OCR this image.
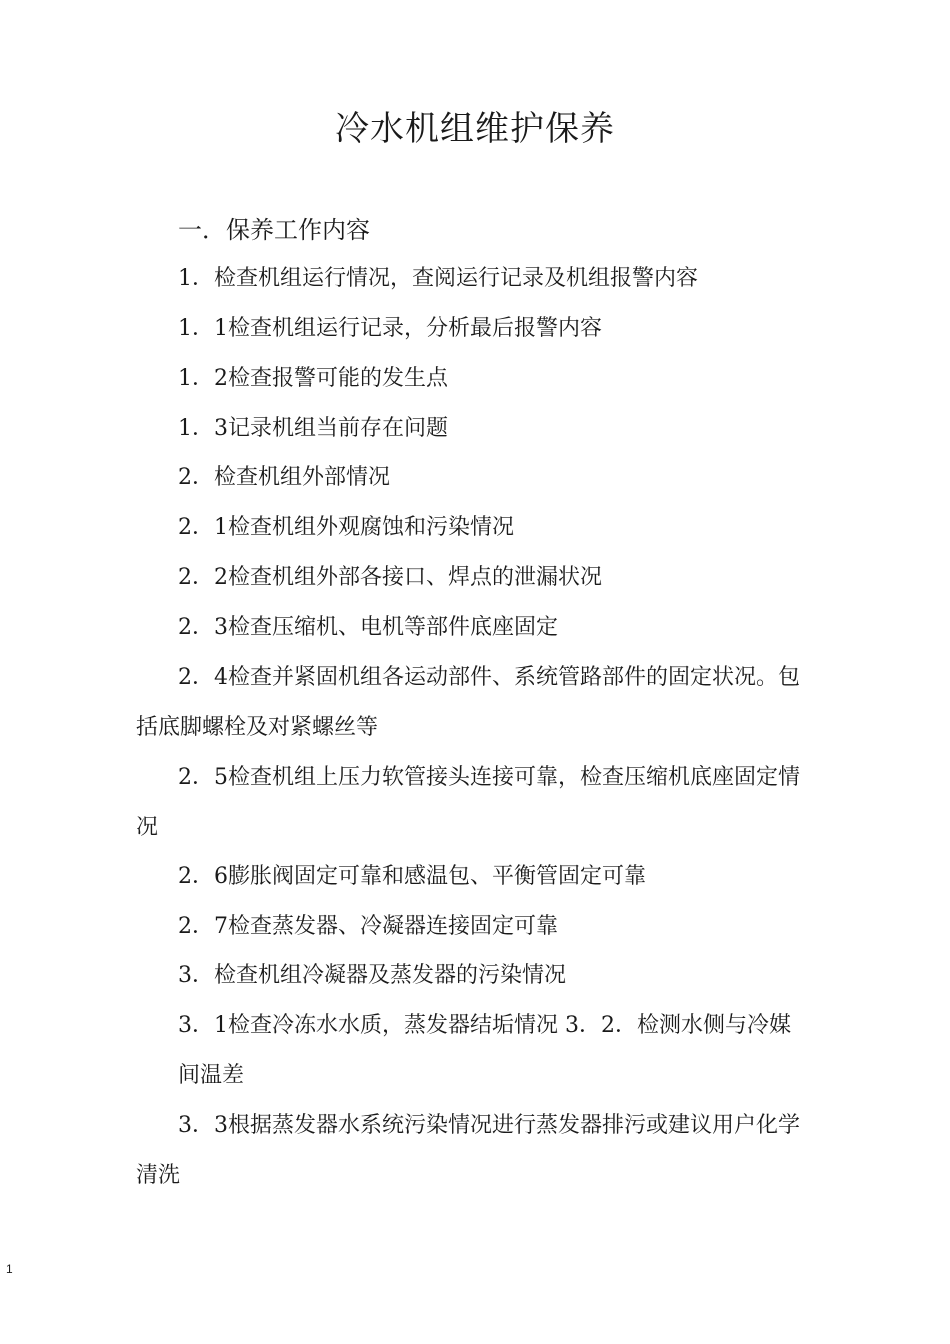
冷水机组维护保养
一．保养工作内容
1．检查机组运行情况，查阅运行记录及机组报警内容
1．1检查机组运行记录，分析最后报警内容
1．2检查报警可能的发生点
1．3记录机组当前存在问题
2．检查机组外部情况
2．1检查机组外观腐蚀和污染情况
2．2检查机组外部各接口、焊点的泄漏状况
2．3检查压缩机、电机等部件底座固定
2．4检查并紧固机组各运动部件、系统管路部件的固定状况。包
括底脚螺栓及对紧螺丝等
2．5检查机组上压力软管接头连接可靠，检查压缩机底座固定情
况
2．6膨胀阀固定可靠和感温包、平衡管固定可靠
2．7检查蒸发器、冷凝器连接固定可靠
3．检查机组冷凝器及蒸发器的污染情况
3．1检查冷冻水水质，蒸发器结垢情况 3．2．检测水侧与冷媒
间温差
3．3根据蒸发器水系统污染情况进行蒸发器排污或建议用户化学
清洗
1
